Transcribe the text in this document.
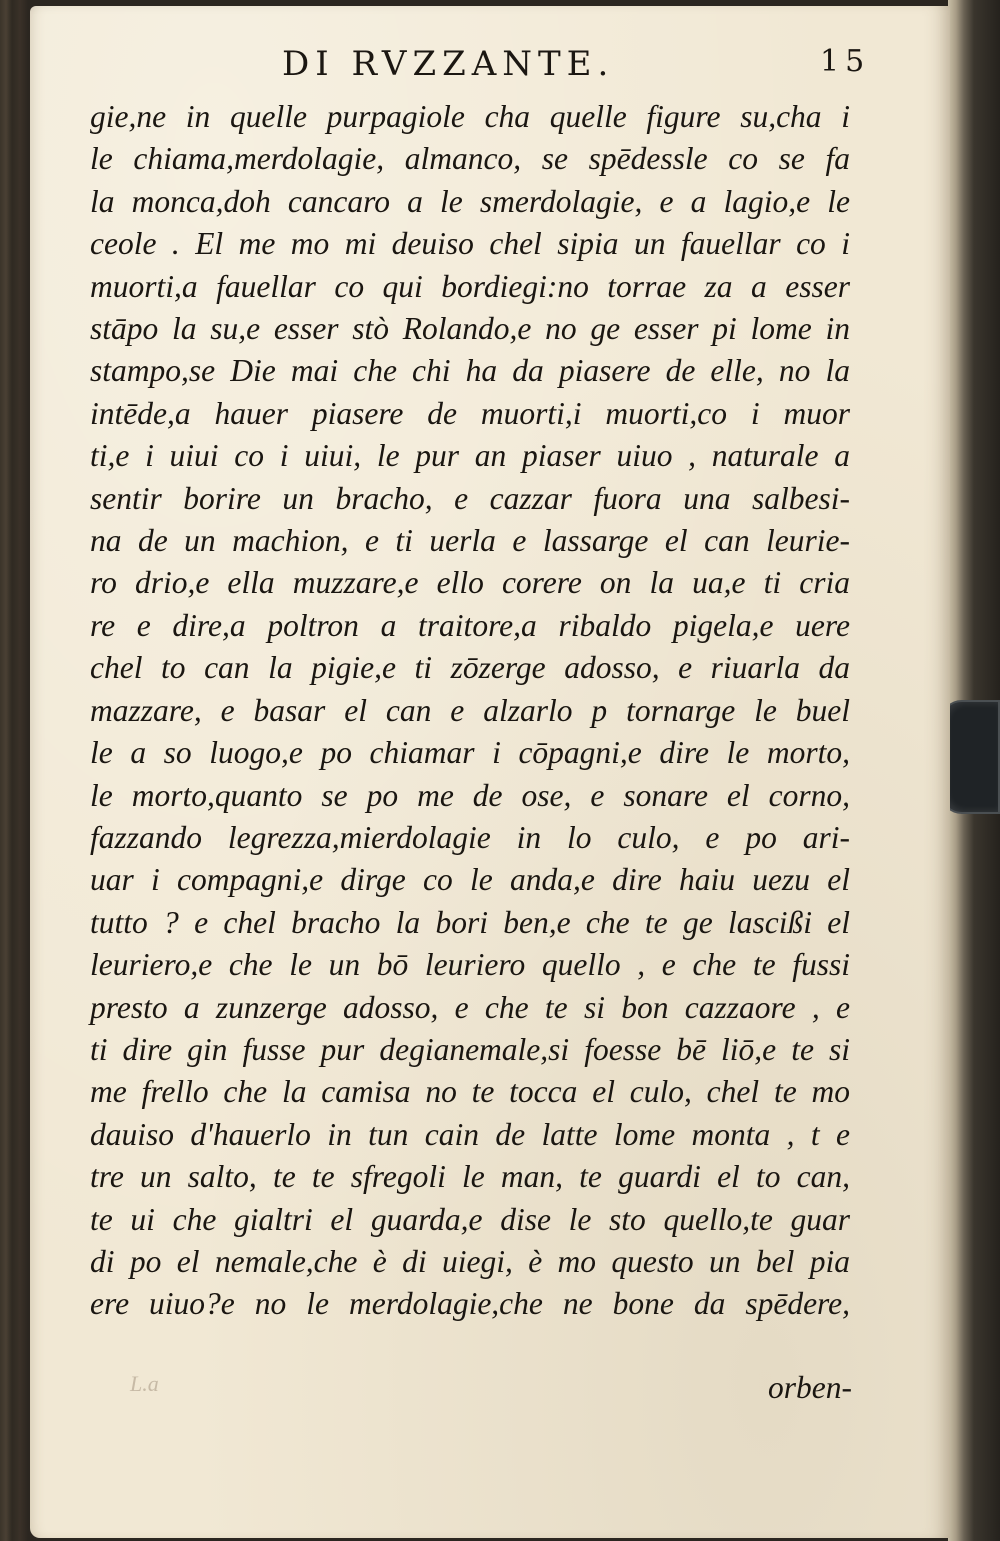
DI RVZZANTE.	15
gie,ne in quelle purpagiole cha quelle figure su,cha i
le chiama,merdolagie, almanco, se spēdessle co se fa
la monca,doh cancaro a le smerdolagie, e a lagio,e le
ceole . El me mo mi deuiso chel sipia un fauellar co i
muorti,a fauellar co qui bordiegi:no torrae za a esser
stāpo la su,e esser stò Rolando,e no ge esser pi lome in
stampo,se Die mai che chi ha da piasere de elle, no la
intēde,a hauer piasere de muorti,i muorti,co i muor
ti,e i uiui co i uiui, le pur an piaser uiuo , naturale a
sentir borire un bracho, e cazzar fuora una salbesi-
na de un machion, e ti uerla e lassarge el can leurie-
ro drio,e ella muzzare,e ello corere on la ua,e ti cria
re e dire,a poltron a traitore,a ribaldo pigela,e uere
chel to can la pigie,e ti zōzerge adosso, e riuarla da
mazzare, e basar el can e alzarlo p tornarge le buel
le a so luogo,e po chiamar i cōpagni,e dire le morto,
le morto,quanto se po me de ose, e sonare el corno,
fazzando legrezza,mierdolagie in lo culo, e po ari-
uar i compagni,e dirge co le anda,e dire haiu uezu el
tutto ? e chel bracho la bori ben,e che te ge lascißi el
leuriero,e che le un bō leuriero quello , e che te fussi
presto a zunzerge adosso, e che te si bon cazzaore , e
ti dire gin fusse pur degianemale,si foesse bē liō,e te si
me frello che la camisa no te tocca el culo, chel te mo
dauiso d'hauerlo in tun cain de latte lome monta , t e
tre un salto, te te sfregoli le man, te guardi el to can,
te ui che gialtri el guarda,e dise le sto quello,te guar
di po el nemale,che è di uiegi, è mo questo un bel pia
ere uiuo?e no le merdolagie,che ne bone da spēdere,
L.a	orben-
